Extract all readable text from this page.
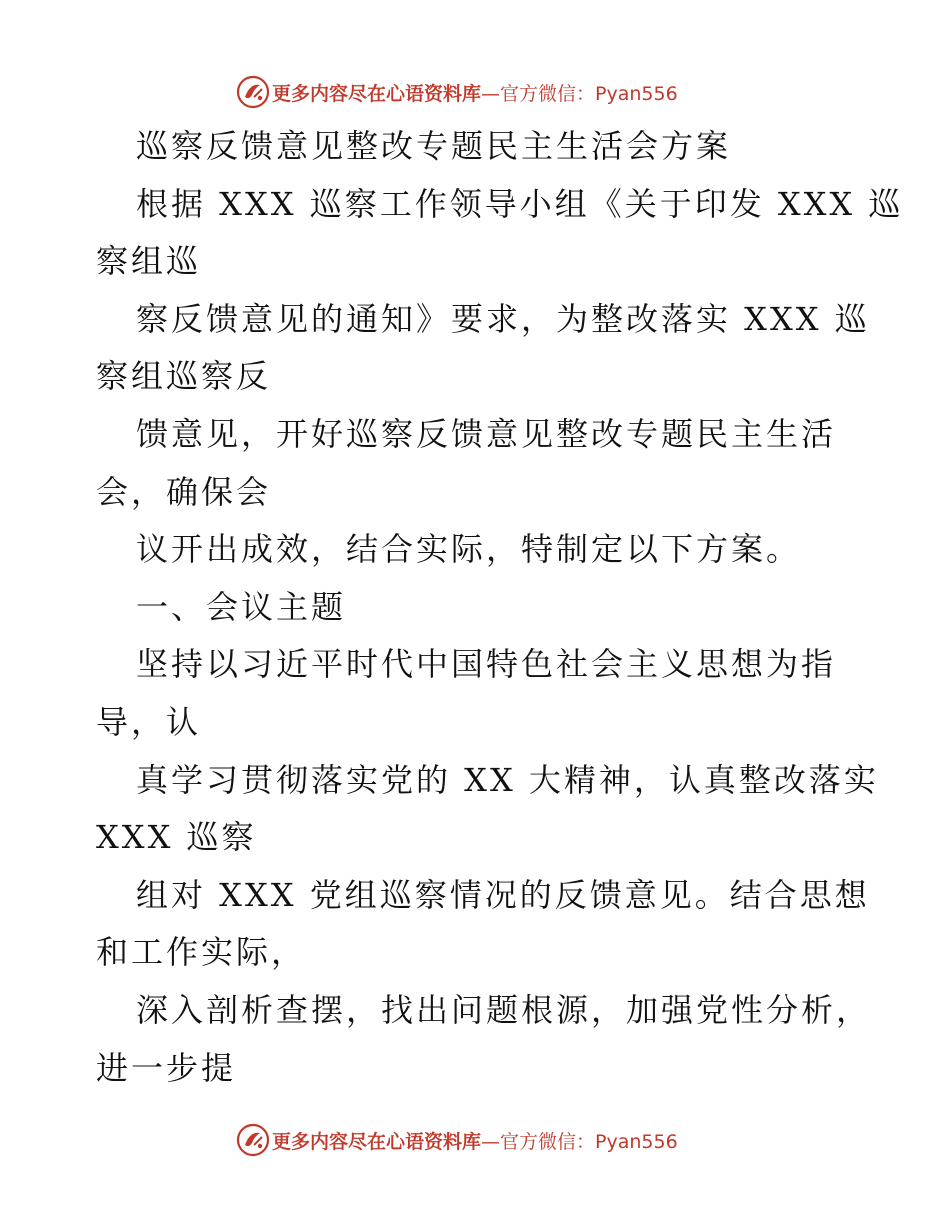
更多内容尽在心语资料库—官方微信：Pyan556
巡察反馈意见整改专题民主生活会方案
根据 XXX 巡察工作领导小组《关于印发 XXX 巡
察组巡
察反馈意见的通知》要求，为整改落实 XXX 巡
察组巡察反
馈意见，开好巡察反馈意见整改专题民主生活
会，确保会
议开出成效，结合实际，特制定以下方案。
一、会议主题
坚持以习近平时代中国特色社会主义思想为指
导，认
真学习贯彻落实党的 XX 大精神，认真整改落实
XXX 巡察
组对 XXX 党组巡察情况的反馈意见。结合思想
和工作实际，
深入剖析查摆，找出问题根源，加强党性分析，
进一步提
更多内容尽在心语资料库—官方微信：Pyan556
